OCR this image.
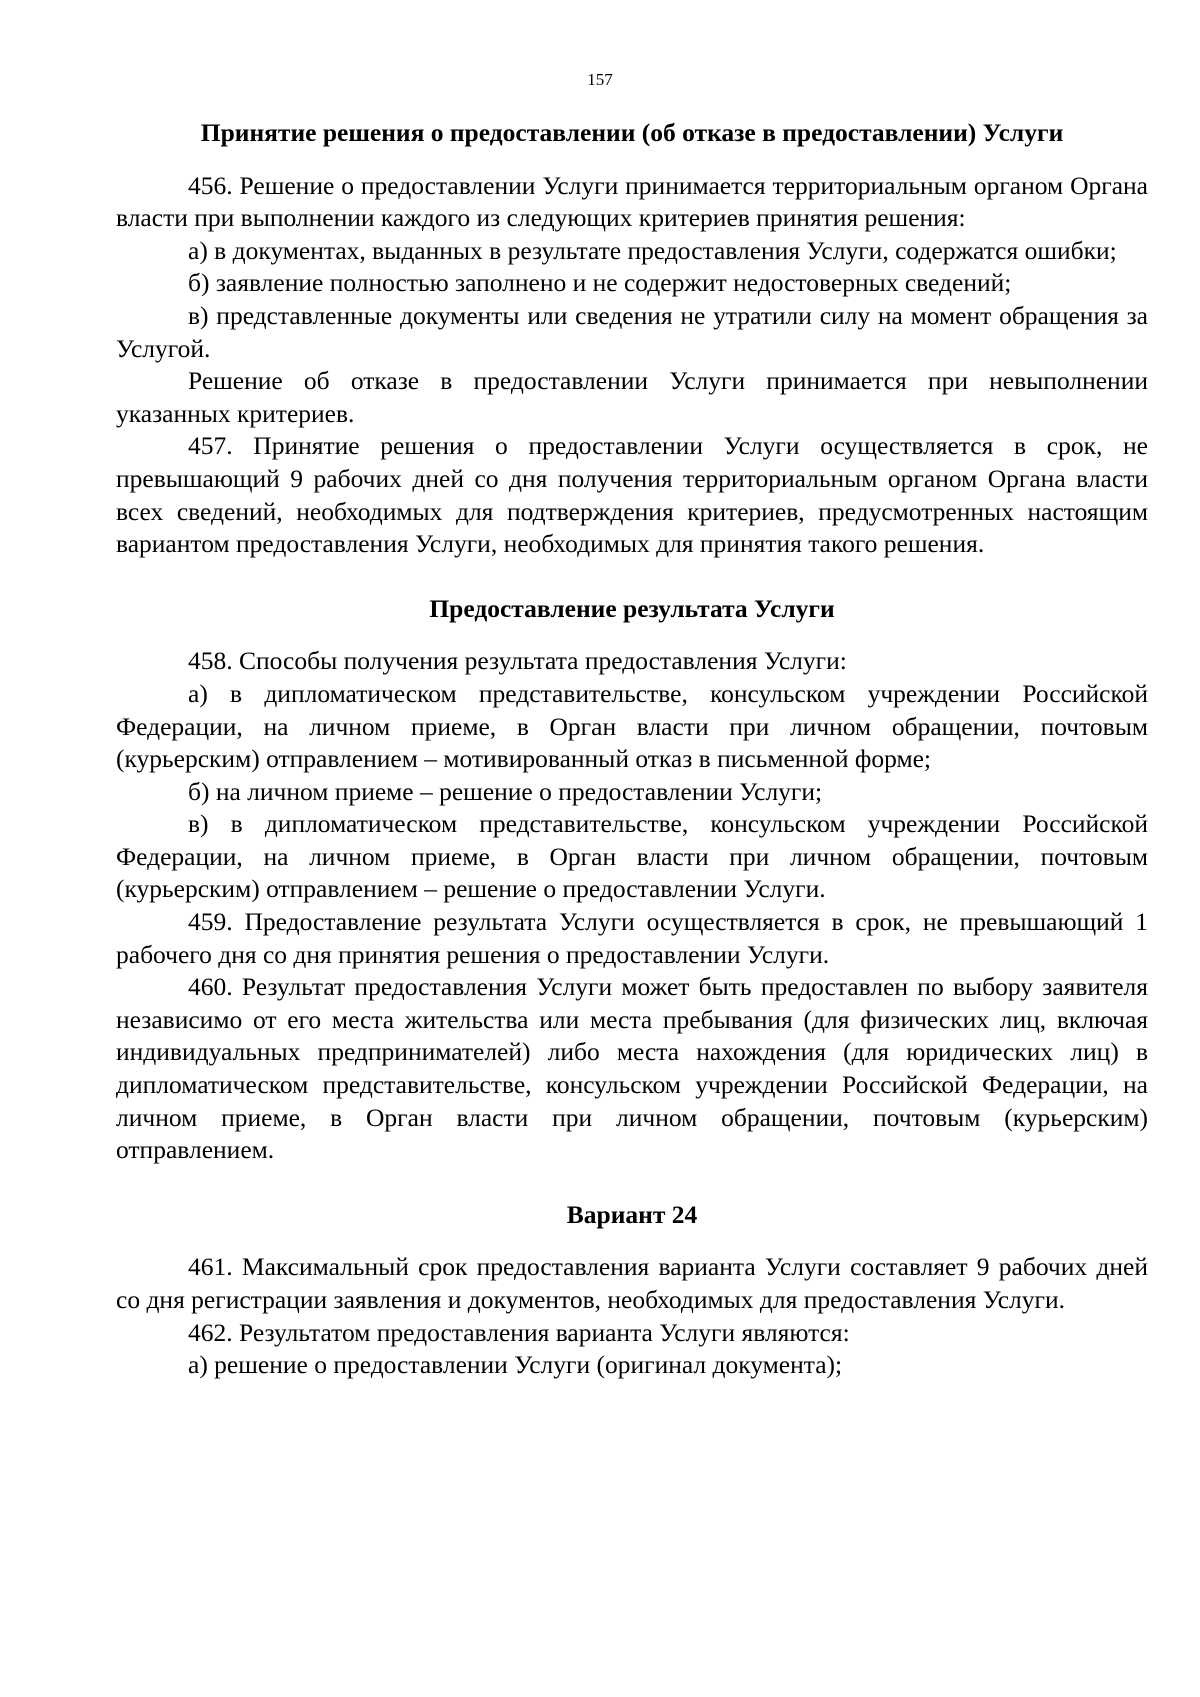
157
Принятие решения о предоставлении (об отказе в предоставлении) Услуги

456. Решение о предоставлении Услуги принимается территориальным органом Органа власти при выполнении каждого из следующих критериев принятия решения:

а) в документах, выданных в результате предоставления Услуги, содержатся ошибки;

б) заявление полностью заполнено и не содержит недостоверных сведений;

в) представленные документы или сведения не утратили силу на момент обращения за Услугой.

Решение об отказе в предоставлении Услуги принимается при невыполнении указанных критериев.

457. Принятие решения о предоставлении Услуги осуществляется в срок, не превышающий 9 рабочих дней со дня получения территориальным органом Органа власти всех сведений, необходимых для подтверждения критериев, предусмотренных настоящим вариантом предоставления Услуги, необходимых для принятия такого решения.

Предоставление результата Услуги

458. Способы получения результата предоставления Услуги:

а) в дипломатическом представительстве, консульском учреждении Российской Федерации, на личном приеме, в Орган власти при личном обращении, почтовым (курьерским) отправлением – мотивированный отказ в письменной форме;

б) на личном приеме – решение о предоставлении Услуги;

в) в дипломатическом представительстве, консульском учреждении Российской Федерации, на личном приеме, в Орган власти при личном обращении, почтовым (курьерским) отправлением – решение о предоставлении Услуги.

459. Предоставление результата Услуги осуществляется в срок, не превышающий 1 рабочего дня со дня принятия решения о предоставлении Услуги.

460. Результат предоставления Услуги может быть предоставлен по выбору заявителя независимо от его места жительства или места пребывания (для физических лиц, включая индивидуальных предпринимателей) либо места нахождения (для юридических лиц) в дипломатическом представительстве, консульском учреждении Российской Федерации, на личном приеме, в Орган власти при личном обращении, почтовым (курьерским) отправлением.

Вариант 24

461. Максимальный срок предоставления варианта Услуги составляет 9 рабочих дней со дня регистрации заявления и документов, необходимых для предоставления Услуги.

462. Результатом предоставления варианта Услуги являются:

а) решение о предоставлении Услуги (оригинал документа);
